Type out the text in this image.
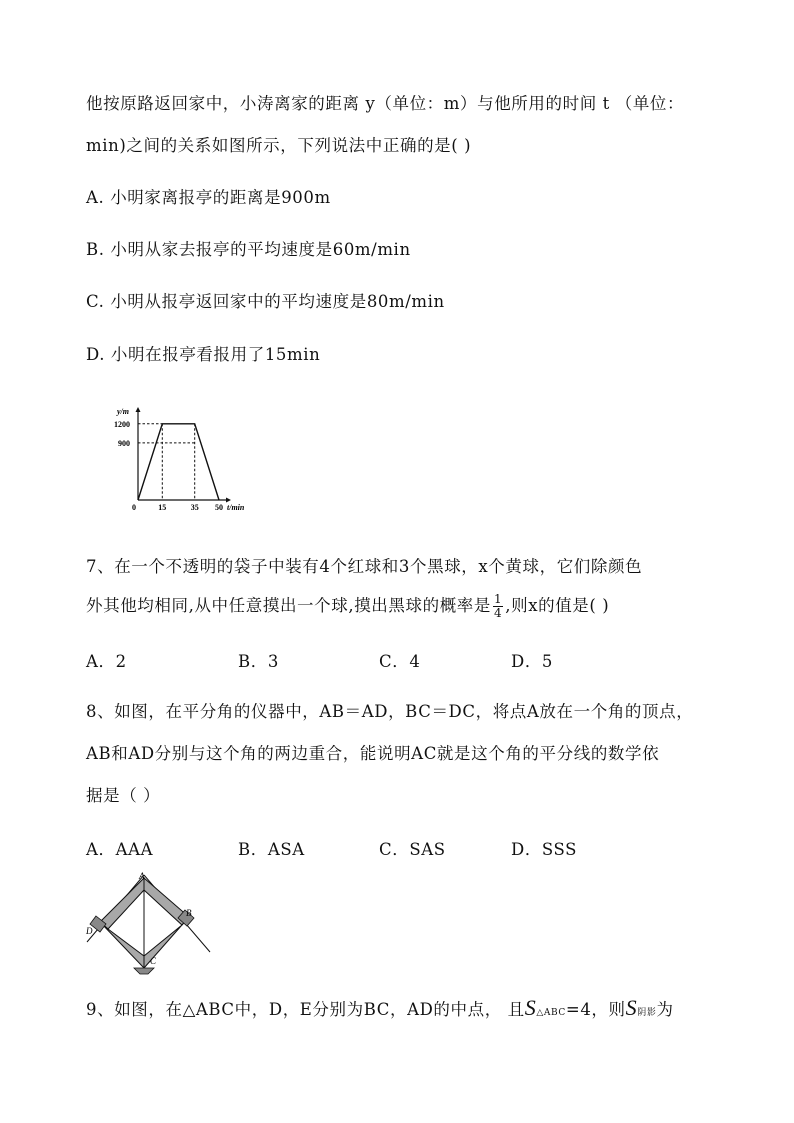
他按原路返回家中，小涛离家的距离 y（单位：m）与他所用的时间 t （单位：
min)之间的关系如图所示，下列说法中正确的是( )
A. 小明家离报亭的距离是900m
B. 小明从家去报亭的平均速度是60m/min
C. 小明从报亭返回家中的平均速度是80m/min
D. 小明在报亭看报用了15min
y/m
t/min
1200
900
0	15	35 50
7、在一个不透明的袋子中装有4个红球和3个黑球，x个黄球，它们除颜色
外其他均相同,从中任意摸出一个球,摸出黑球的概率是 $\frac{1}{4}$ ,则x的值是( )
A．2	B．3	C．4	D．5
8、如图，在平分角的仪器中，AB＝AD，BC＝DC，将点A放在一个角的顶点，
AB和AD分别与这个角的两边重合，能说明AC就是这个角的平分线的数学依
据是（ ）
A．AAA	B．ASA	C．SAS	D．SSS
A
B
C
D
9、如图，在△ABC中，D，E分别为BC，AD的中点， 且S△ABC=4，则S阴影为
